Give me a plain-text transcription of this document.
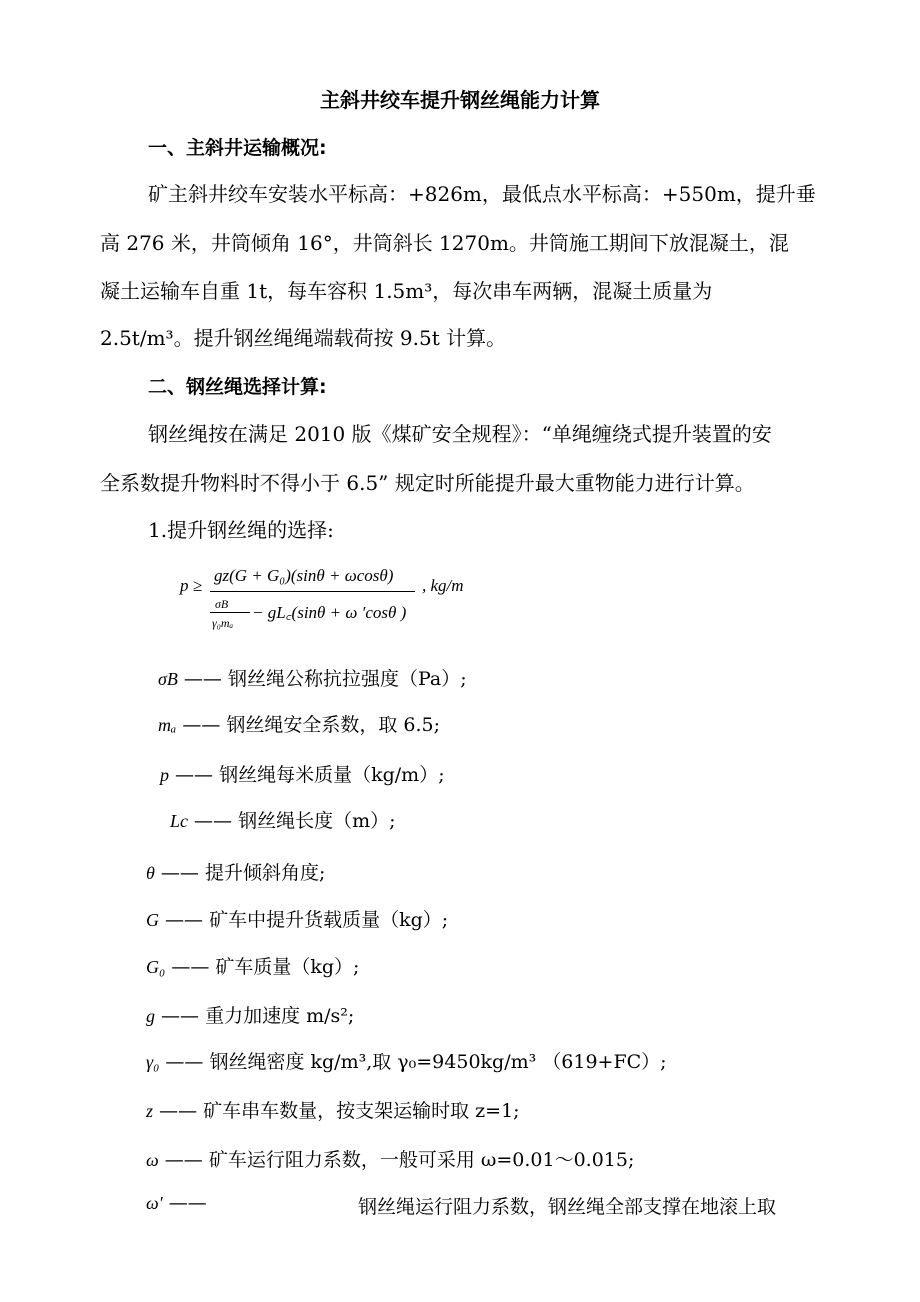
主斜井绞车提升钢丝绳能力计算
一、主斜井运输概况:
矿主斜井绞车安装水平标高：+826m，最低点水平标高：+550m，提升垂
高 276 米，井筒倾角 16°，井筒斜长 1270m。井筒施工期间下放混凝土，混
凝土运输车自重 1t，每车容积 1.5m³，每次串车两辆，混凝土质量为
2.5t/m³。提升钢丝绳绳端载荷按 9.5t 计算。
二、钢丝绳选择计算:
钢丝绳按在满足 2010 版《煤矿安全规程》：“单绳缠绕式提升装置的安
全系数提升物料时不得小于 6.5” 规定时所能提升最大重物能力进行计算。
1.提升钢丝绳的选择:
p ≥
gz(G + G₀)(sinθ + ωcosθ)
, kg/m
σB
γ₀mₐ
− gL꜀(sinθ + ω ′cosθ )
σB —— 钢丝绳公称抗拉强度（Pa）;
mₐ —— 钢丝绳安全系数，取 6.5;
p —— 钢丝绳每米质量（kg/m）;
Lc —— 钢丝绳长度（m）;
θ —— 提升倾斜角度;
G —— 矿车中提升货载质量（kg）;
G₀ —— 矿车质量（kg）;
g —— 重力加速度 m/s²;
γ₀ —— 钢丝绳密度 kg/m³,取 γ₀=9450kg/m³ （619+FC）;
z —— 矿车串车数量，按支架运输时取 z=1;
ω —— 矿车运行阻力系数，一般可采用 ω=0.01～0.015;
ω′ ——	钢丝绳运行阻力系数，钢丝绳全部支撑在地滚上取
